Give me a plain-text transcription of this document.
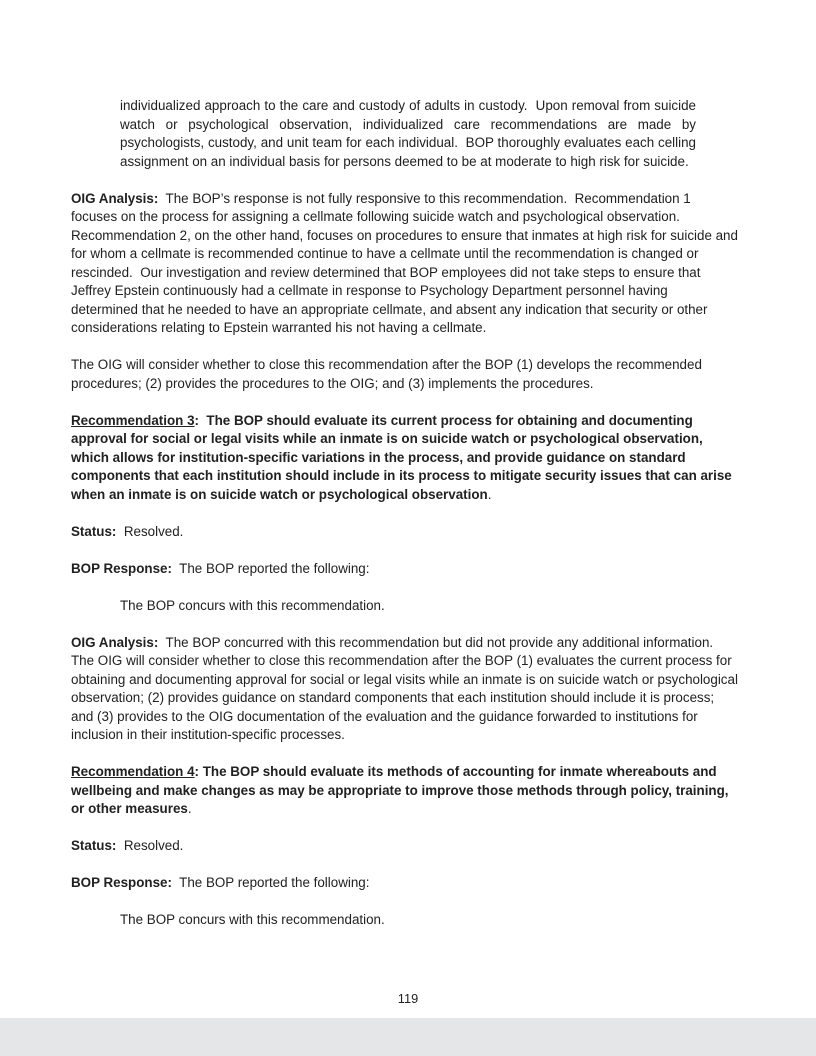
individualized approach to the care and custody of adults in custody.  Upon removal from suicide watch or psychological observation, individualized care recommendations are made by psychologists, custody, and unit team for each individual.  BOP thoroughly evaluates each celling assignment on an individual basis for persons deemed to be at moderate to high risk for suicide.

OIG Analysis:  The BOP’s response is not fully responsive to this recommendation.  Recommendation 1 focuses on the process for assigning a cellmate following suicide watch and psychological observation.  Recommendation 2, on the other hand, focuses on procedures to ensure that inmates at high risk for suicide and for whom a cellmate is recommended continue to have a cellmate until the recommendation is changed or rescinded.  Our investigation and review determined that BOP employees did not take steps to ensure that Jeffrey Epstein continuously had a cellmate in response to Psychology Department personnel having determined that he needed to have an appropriate cellmate, and absent any indication that security or other considerations relating to Epstein warranted his not having a cellmate.

The OIG will consider whether to close this recommendation after the BOP (1) develops the recommended procedures; (2) provides the procedures to the OIG; and (3) implements the procedures.

Recommendation 3:  The BOP should evaluate its current process for obtaining and documenting approval for social or legal visits while an inmate is on suicide watch or psychological observation, which allows for institution-specific variations in the process, and provide guidance on standard components that each institution should include in its process to mitigate security issues that can arise when an inmate is on suicide watch or psychological observation.

Status:  Resolved.

BOP Response:  The BOP reported the following:

The BOP concurs with this recommendation.

OIG Analysis:  The BOP concurred with this recommendation but did not provide any additional information.  The OIG will consider whether to close this recommendation after the BOP (1) evaluates the current process for obtaining and documenting approval for social or legal visits while an inmate is on suicide watch or psychological observation; (2) provides guidance on standard components that each institution should include it is process; and (3) provides to the OIG documentation of the evaluation and the guidance forwarded to institutions for inclusion in their institution-specific processes.

Recommendation 4: The BOP should evaluate its methods of accounting for inmate whereabouts and wellbeing and make changes as may be appropriate to improve those methods through policy, training, or other measures.

Status:  Resolved.

BOP Response:  The BOP reported the following:

The BOP concurs with this recommendation.

119
